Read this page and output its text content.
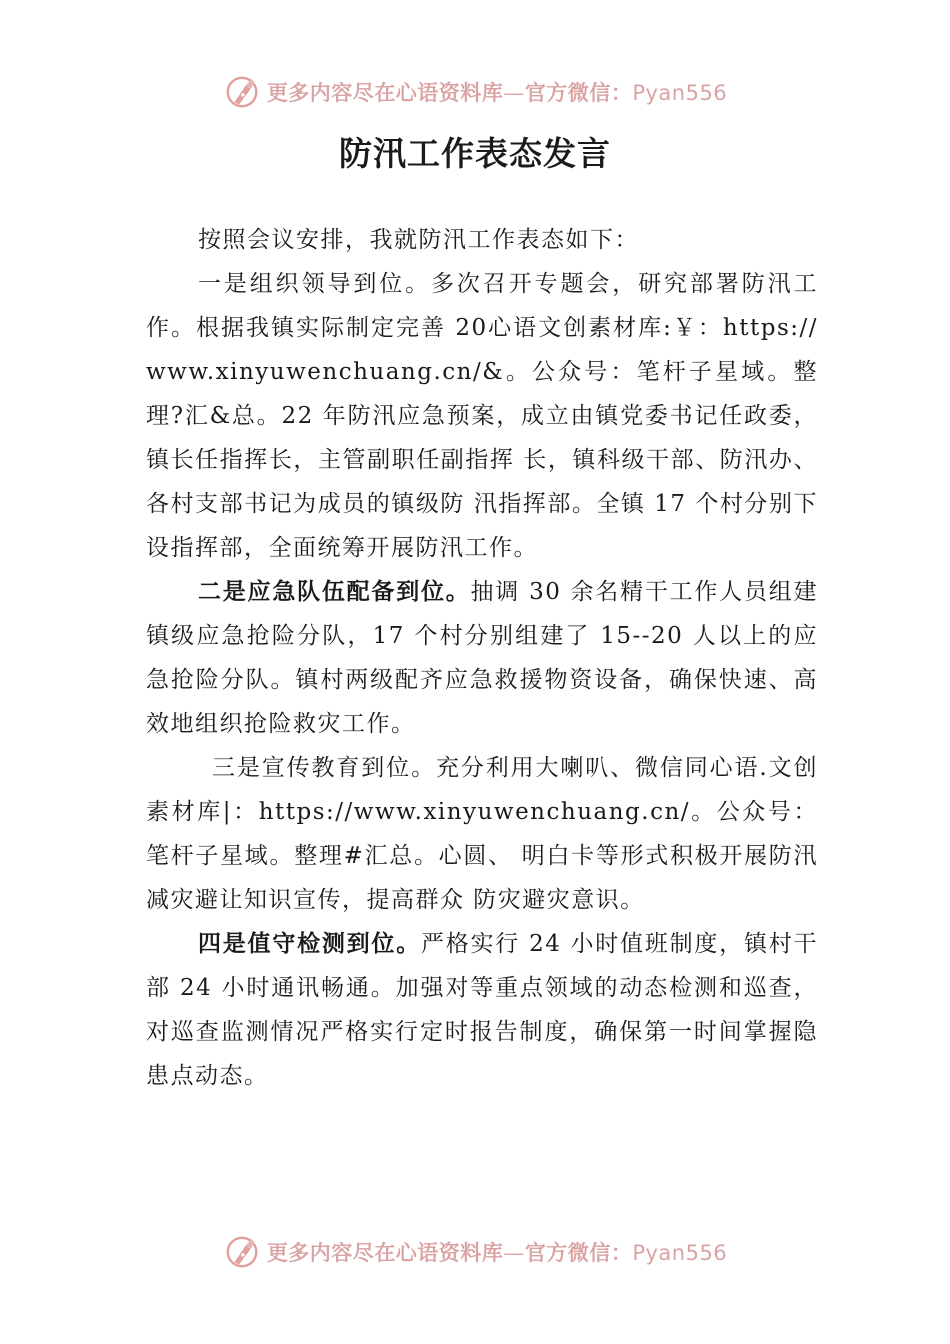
更多内容尽在心语资料库—官方微信：Pyan556
防汛工作表态发言

按照会议安排，我就防汛工作表态如下：

一是组织领导到位。多次召开专题会，研究部署防汛工作。根据我镇实际制定完善 20心语文创素材库:￥：https://www.xinyuwenchuang.cn/&。公众号：笔杆子星域。整理?汇&总。22 年防汛应急预案，成立由镇党委书记任政委，镇长任指挥长，主管副职任副指挥 长，镇科级干部、防汛办、各村支部书记为成员的镇级防 汛指挥部。全镇 17 个村分别下设指挥部，全面统筹开展防汛工作。

二是应急队伍配备到位。抽调 30 余名精干工作人员组建镇级应急抢险分队，17 个村分别组建了 15--20 人以上的应急抢险分队。镇村两级配齐应急救援物资设备，确保快速、高效地组织抢险救灾工作。

三是宣传教育到位。充分利用大喇叭、微信同心语.文创素材库|：https://www.xinyuwenchuang.cn/。公众号：笔杆子星域。整理#汇总。心圆、 明白卡等形式积极开展防汛减灾避让知识宣传，提高群众 防灾避灾意识。

四是值守检测到位。严格实行 24 小时值班制度，镇村干部 24 小时通讯畅通。加强对等重点领域的动态检测和巡查，对巡查监测情况严格实行定时报告制度，确保第一时间掌握隐患点动态。

更多内容尽在心语资料库—官方微信：Pyan556
